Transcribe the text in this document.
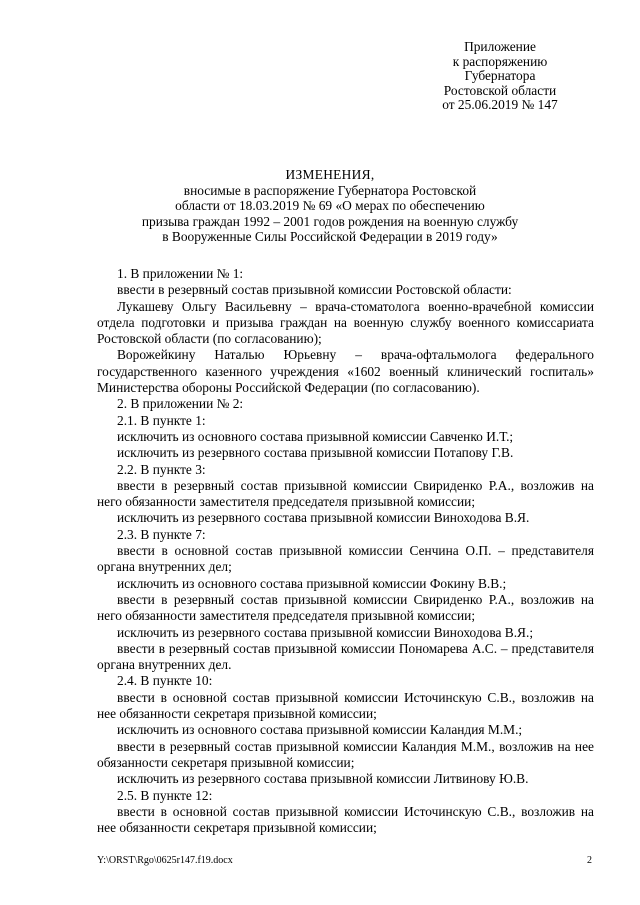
Приложение
к распоряжению
Губернатора
Ростовской области
от 25.06.2019 № 147
ИЗМЕНЕНИЯ,
вносимые в распоряжение Губернатора Ростовской
области от 18.03.2019 № 69 «О мерах по обеспечению
призыва граждан 1992 – 2001 годов рождения на военную службу
в Вооруженные Силы Российской Федерации в 2019 году»

1. В приложении № 1:

ввести в резервный состав призывной комиссии Ростовской области:

Лукашеву Ольгу Васильевну – врача-стоматолога военно-врачебной комиссии отдела подготовки и призыва граждан на военную службу военного комиссариата Ростовской области (по согласованию);

Ворожейкину Наталью Юрьевну – врача-офтальмолога федерального государственного казенного учреждения «1602 военный клинический госпиталь» Министерства обороны Российской Федерации (по согласованию).

2. В приложении № 2:

2.1. В пункте 1:

исключить из основного состава призывной комиссии Савченко И.Т.;

исключить из резервного состава призывной комиссии Потапову Г.В.

2.2. В пункте 3:

ввести в резервный состав призывной комиссии Свириденко Р.А., возложив на него обязанности заместителя председателя призывной комиссии;

исключить из резервного состава призывной комиссии Виноходова В.Я.

2.3. В пункте 7:

ввести в основной состав призывной комиссии Сенчина О.П. – представителя органа внутренних дел;

исключить из основного состава призывной комиссии Фокину В.В.;

ввести в резервный состав призывной комиссии Свириденко Р.А., возложив на него обязанности заместителя председателя призывной комиссии;

исключить из резервного состава призывной комиссии Виноходова В.Я.;

ввести в резервный состав призывной комиссии Пономарева А.С. – представителя органа внутренних дел.

2.4. В пункте 10:

ввести в основной состав призывной комиссии Источинскую С.В., возложив на нее обязанности секретаря призывной комиссии;

исключить из основного состава призывной комиссии Каландия М.М.;

ввести в резервный состав призывной комиссии Каландия М.М., возложив на нее обязанности секретаря призывной комиссии;

исключить из резервного состава призывной комиссии Литвинову Ю.В.

2.5. В пункте 12:

ввести в основной состав призывной комиссии Источинскую С.В., возложив на нее обязанности секретаря призывной комиссии;

Y:\ORST\Rgo\0625r147.f19.docx	2
